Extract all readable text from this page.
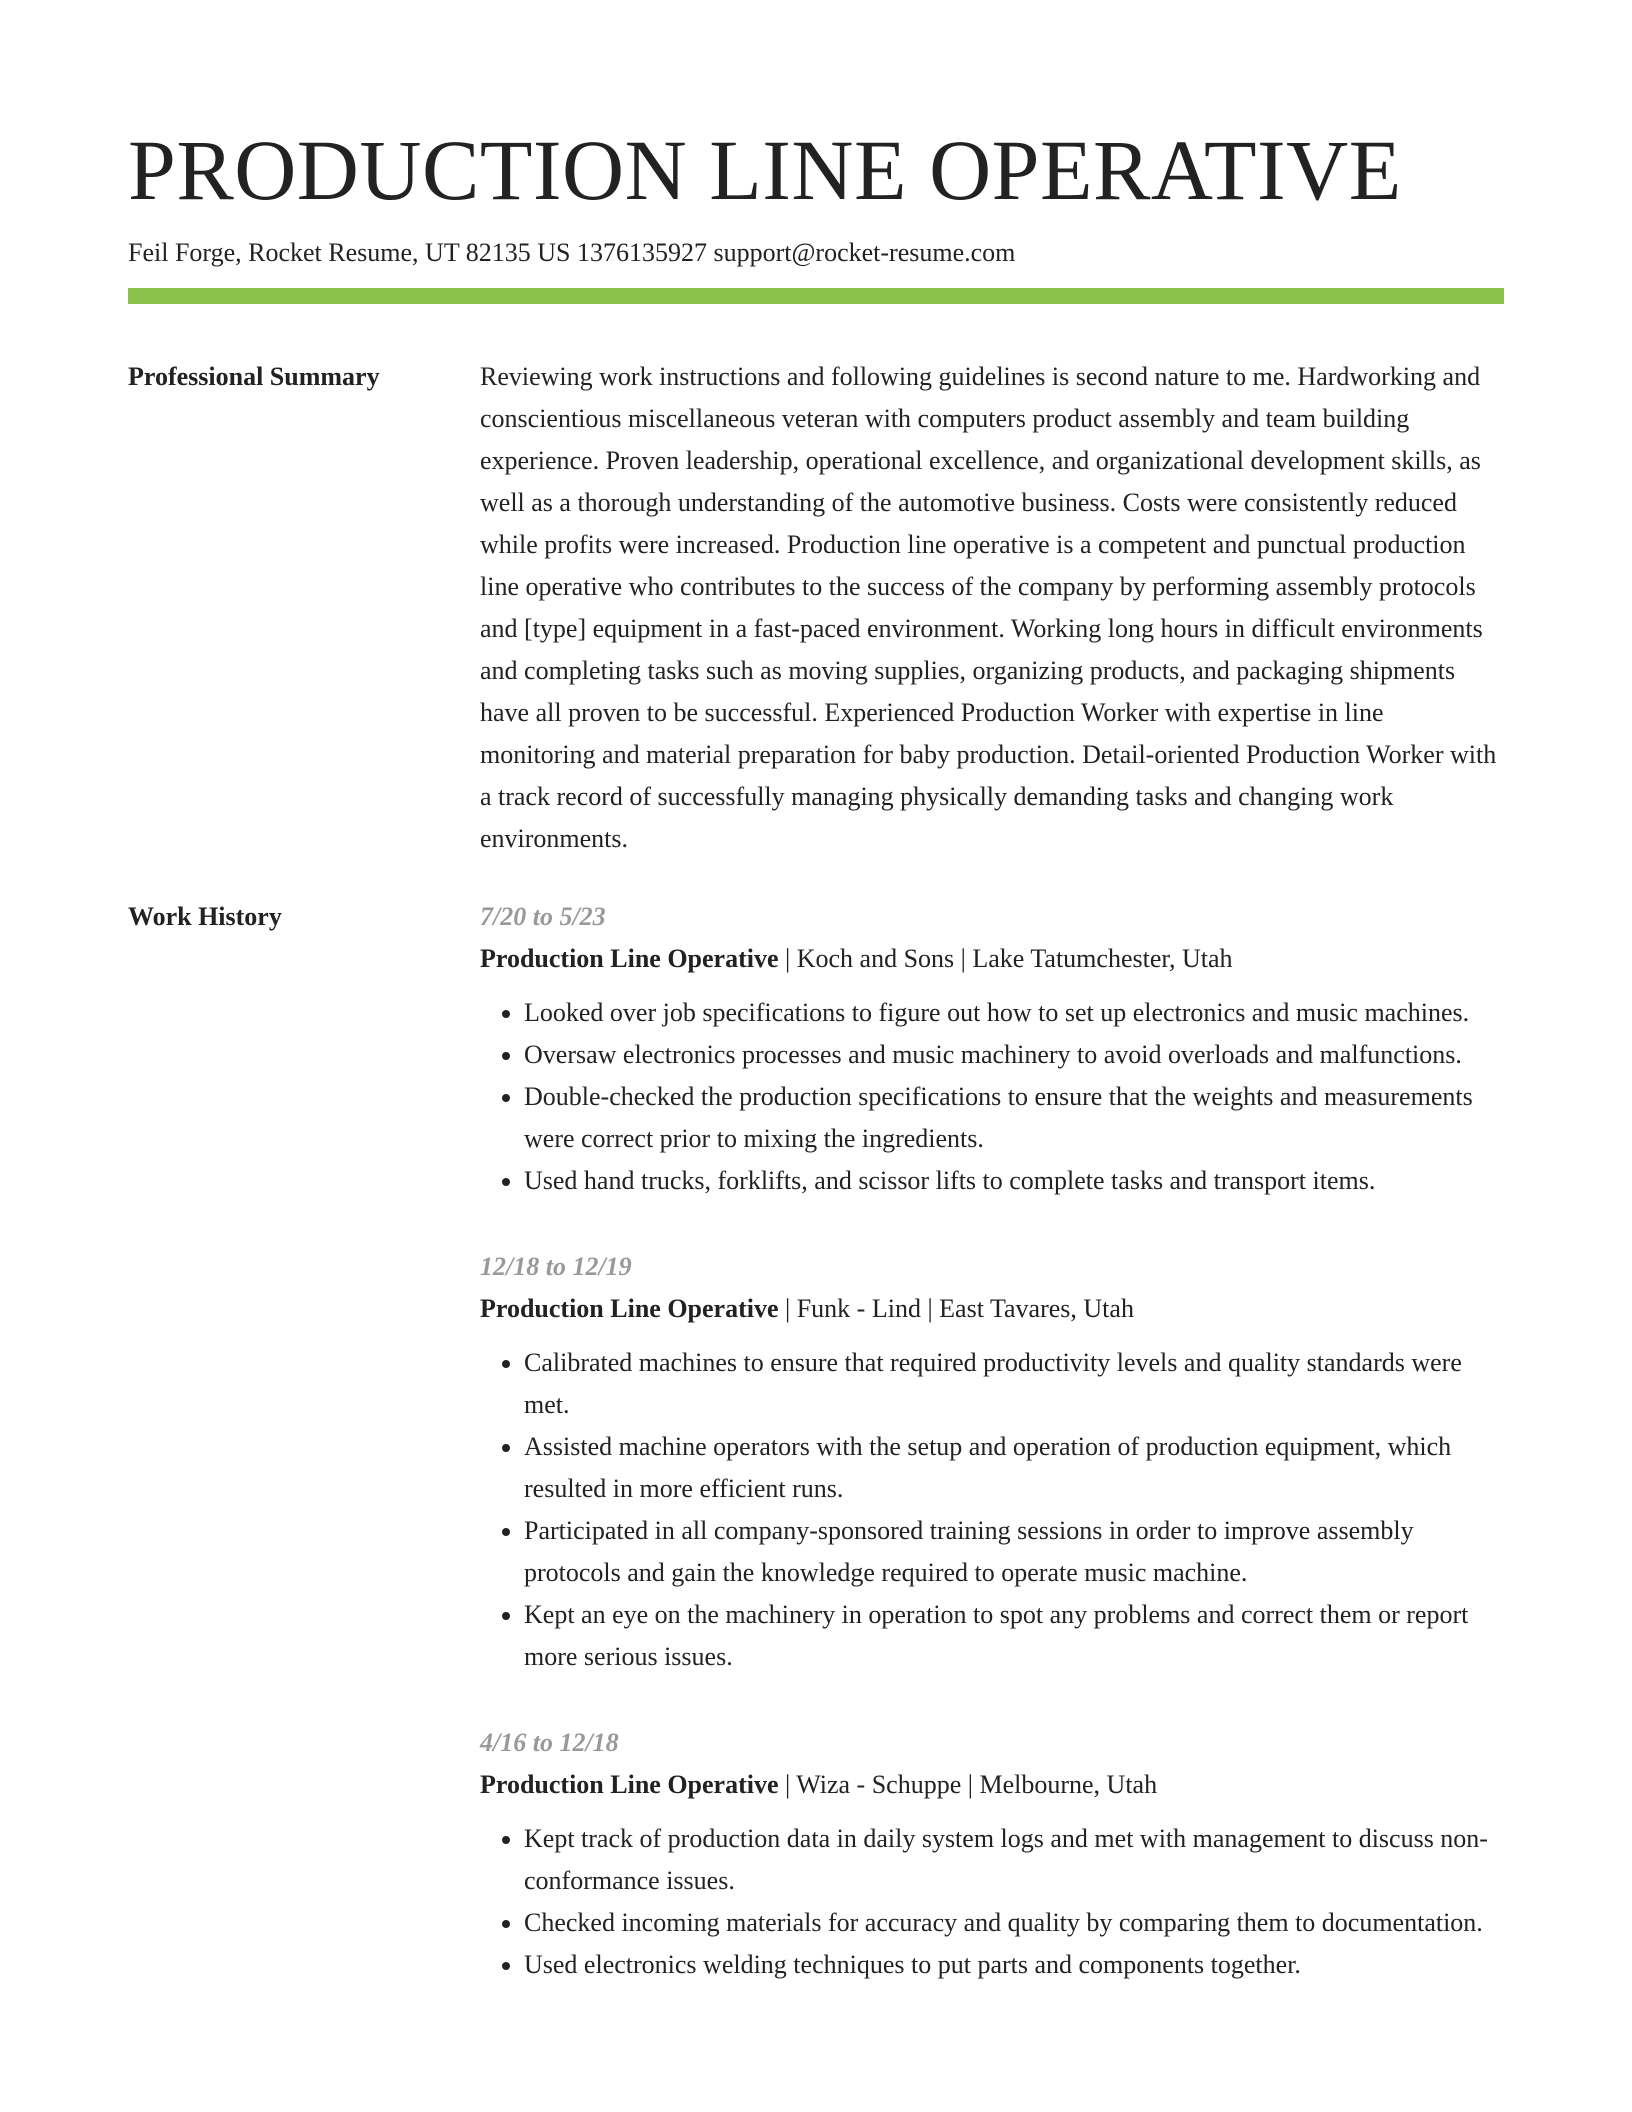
PRODUCTION LINE OPERATIVE
Feil Forge, Rocket Resume, UT 82135 US 1376135927 support@rocket-resume.com
Professional Summary	Reviewing work instructions and following guidelines is second nature to me. Hardworking and conscientious miscellaneous veteran with computers product assembly and team building experience. Proven leadership, operational excellence, and organizational development skills, as well as a thorough understanding of the automotive business. Costs were consistently reduced while profits were increased. Production line operative is a competent and punctual production line operative who contributes to the success of the company by performing assembly protocols and [type] equipment in a fast-paced environment. Working long hours in difficult environments and completing tasks such as moving supplies, organizing products, and packaging shipments have all proven to be successful. Experienced Production Worker with expertise in line monitoring and material preparation for baby production. Detail-oriented Production Worker with a track record of successfully managing physically demanding tasks and changing work environments.

Work History	7/20 to 5/23
Production Line Operative | Koch and Sons | Lake Tatumchester, Utah
• Looked over job specifications to figure out how to set up electronics and music machines.
• Oversaw electronics processes and music machinery to avoid overloads and malfunctions.
• Double-checked the production specifications to ensure that the weights and measurements were correct prior to mixing the ingredients.
• Used hand trucks, forklifts, and scissor lifts to complete tasks and transport items.
12/18 to 12/19
Production Line Operative | Funk - Lind | East Tavares, Utah
• Calibrated machines to ensure that required productivity levels and quality standards were met.
• Assisted machine operators with the setup and operation of production equipment, which resulted in more efficient runs.
• Participated in all company-sponsored training sessions in order to improve assembly protocols and gain the knowledge required to operate music machine.
• Kept an eye on the machinery in operation to spot any problems and correct them or report more serious issues.
4/16 to 12/18
Production Line Operative | Wiza - Schuppe | Melbourne, Utah
• Kept track of production data in daily system logs and met with management to discuss non-conformance issues.
• Checked incoming materials for accuracy and quality by comparing them to documentation.
• Used electronics welding techniques to put parts and components together.
